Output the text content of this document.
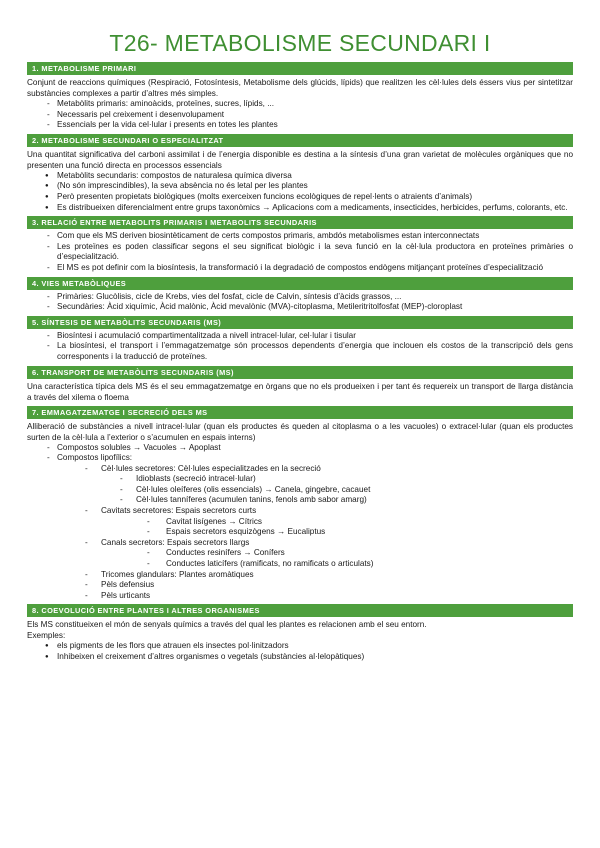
T26- METABOLISME SECUNDARI I
1. METABOLISME PRIMARI

Conjunt de reaccions químiques (Respiració, Fotosíntesis, Metabolisme dels glúcids, lípids) que realitzen les cèl·lules dels éssers vius per sintetitzar substàncies complexes a partir d’altres més simples.

- Metabòlits primaris: aminoàcids, proteïnes, sucres, lípids, ...
- Necessaris pel creixement i desenvolupament
- Essencials per la vida cel·lular i presents en totes les plantes
2. METABOLISME SECUNDARI O ESPECIALITZAT

Una quantitat significativa del carboni assimilat i de l’energia disponible es destina a la síntesis d’una gran varietat de molècules orgàniques que no presenten una funció directa en processos essencials

● Metabòlits secundaris: compostos de naturalesa química diversa
● (No són imprescindibles), la seva absència no és letal per les plantes
● Però presenten propietats biològiques (molts exerceixen funcions ecològiques de repel·lents o atraients d’animals)
● Es distribueixen diferencialment entre grups taxonòmics → Aplicacions com a medicaments, insecticides, herbicides, perfums, colorants, etc.
3. RELACIÓ ENTRE METABOLITS PRIMARIS I METABOLITS SECUNDARIS
- Com que els MS deriven biosintèticament de certs compostos primaris, ambdós metabolismes estan interconnectats
- Les proteïnes es poden classificar segons el seu significat biològic i la seva funció en la cèl·lula productora en proteïnes primàries o d’especialització.
- El MS es pot definir com la biosíntesis, la transformació i la degradació de compostos endògens mitjançant proteïnes d’especialització
4. VIES METABÒLIQUES
- Primàries: Glucòlisis, cicle de Krebs, vies del fosfat, cicle de Calvin, síntesis d’àcids grassos, ...
- Secundàries: Àcid xiquímic, Àcid malònic, Àcid mevalònic (MVA)-citoplasma, Metileritritolfosfat (MEP)-cloroplast
5. SÍNTESIS DE METABÒLITS SECUNDARIS (MS)
- Biosíntesi i acumulació compartimentalitzada a nivell intracel·lular, cel·lular i tisular
- La biosíntesi, el transport i l’emmagatzematge són processos dependents d’energia que inclouen els costos de la transcripció dels gens corresponents i la traducció de proteïnes.
6. TRANSPORT DE METABÒLITS SECUNDARIS (MS)

Una característica típica dels MS és el seu emmagatzematge en òrgans que no els produeixen i per tant és requereix un transport de llarga distància a través del xilema o floema

7. EMMAGATZEMATGE I SECRECIÓ DELS MS

Alliberació de substàncies a nivell intracel·lular (quan els productes és queden al citoplasma o a les vacuoles) o extracel·lular (quan els productes surten de la cèl·lula a l’exterior o s’acumulen en espais interns)

- Compostos solubles → Vacuoles → Apoplast
- Compostos lipofílics:
- Cèl·lules secretores: Cèl·lules especialitzades en la secreció
- Idioblasts (secreció intracel·lular)
- Cèl·lules oleíferes (olis essencials) → Canela, gingebre, cacauet
- Cèl·lules tanníferes (acumulen tanins, fenols amb sabor amarg)
- Cavitats secretores: Espais secretors curts
- Cavitat lisígenes → Cítrics
- Espais secretors esquizògens → Eucaliptus
- Canals secretors: Espais secretors llargs
- Conductes resinífers → Conífers
- Conductes laticífers (ramificats, no ramificats o articulats)
- Tricomes glandulars: Plantes aromàtiques
- Pèls defensius
- Pèls urticants
8. COEVOLUCIÓ ENTRE PLANTES I ALTRES ORGANISMES

Els MS constitueixen el món de senyals químics a través del qual les plantes es relacionen amb el seu entorn.

Exemples:

● els pigments de les flors que atrauen els insectes pol·linitzadors
● Inhibeixen el creixement d’altres organismes o vegetals (substàncies al·lelopàtiques)
